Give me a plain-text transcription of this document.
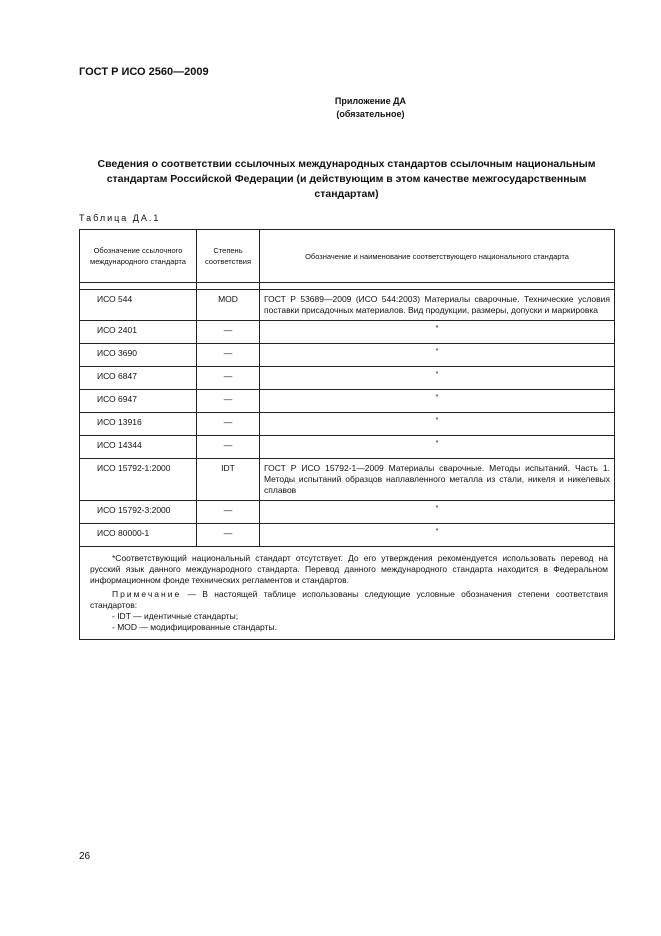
ГОСТ Р ИСО 2560—2009
Приложение ДА
(обязательное)
Сведения о соответствии ссылочных международных стандартов ссылочным национальным стандартам Российской Федерации (и действующим в этом качестве межгосударственным стандартам)
Таблица ДА.1
Обозначение ссылочного международного стандарта	Степень соответствия	Обозначение и наименование соответствующего национального стандарта

ИСО 544	MOD	ГОСТ Р 53689—2009 (ИСО 544:2003) Материалы сварочные. Технические условия поставки присадочных материалов. Вид продукции, размеры, допуски и маркировка
ИСО 2401	—	*
ИСО 3690	—	*
ИСО 6847	—	*
ИСО 6947	—	*
ИСО 13916	—	*
ИСО 14344	—	*
ИСО 15792-1:2000	IDT	ГОСТ Р ИСО 15792-1—2009 Материалы сварочные. Методы испытаний. Часть 1. Методы испытаний образцов наплавленного металла из стали, никеля и никелевых сплавов
ИСО 15792-3:2000	—	*
ИСО 80000-1	—	*

*Соответствующий национальный стандарт отсутствует. До его утверждения рекомендуется использовать перевод на русский язык данного международного стандарта. Перевод данного международного стандарта находится в Федеральном информационном фонде технических регламентов и стандартов.

Примечание — В настоящей таблице использованы следующие условные обозначения степени соответствия стандартов:

- IDT — идентичные стандарты;
- MOD — модифицированные стандарты.		
26
